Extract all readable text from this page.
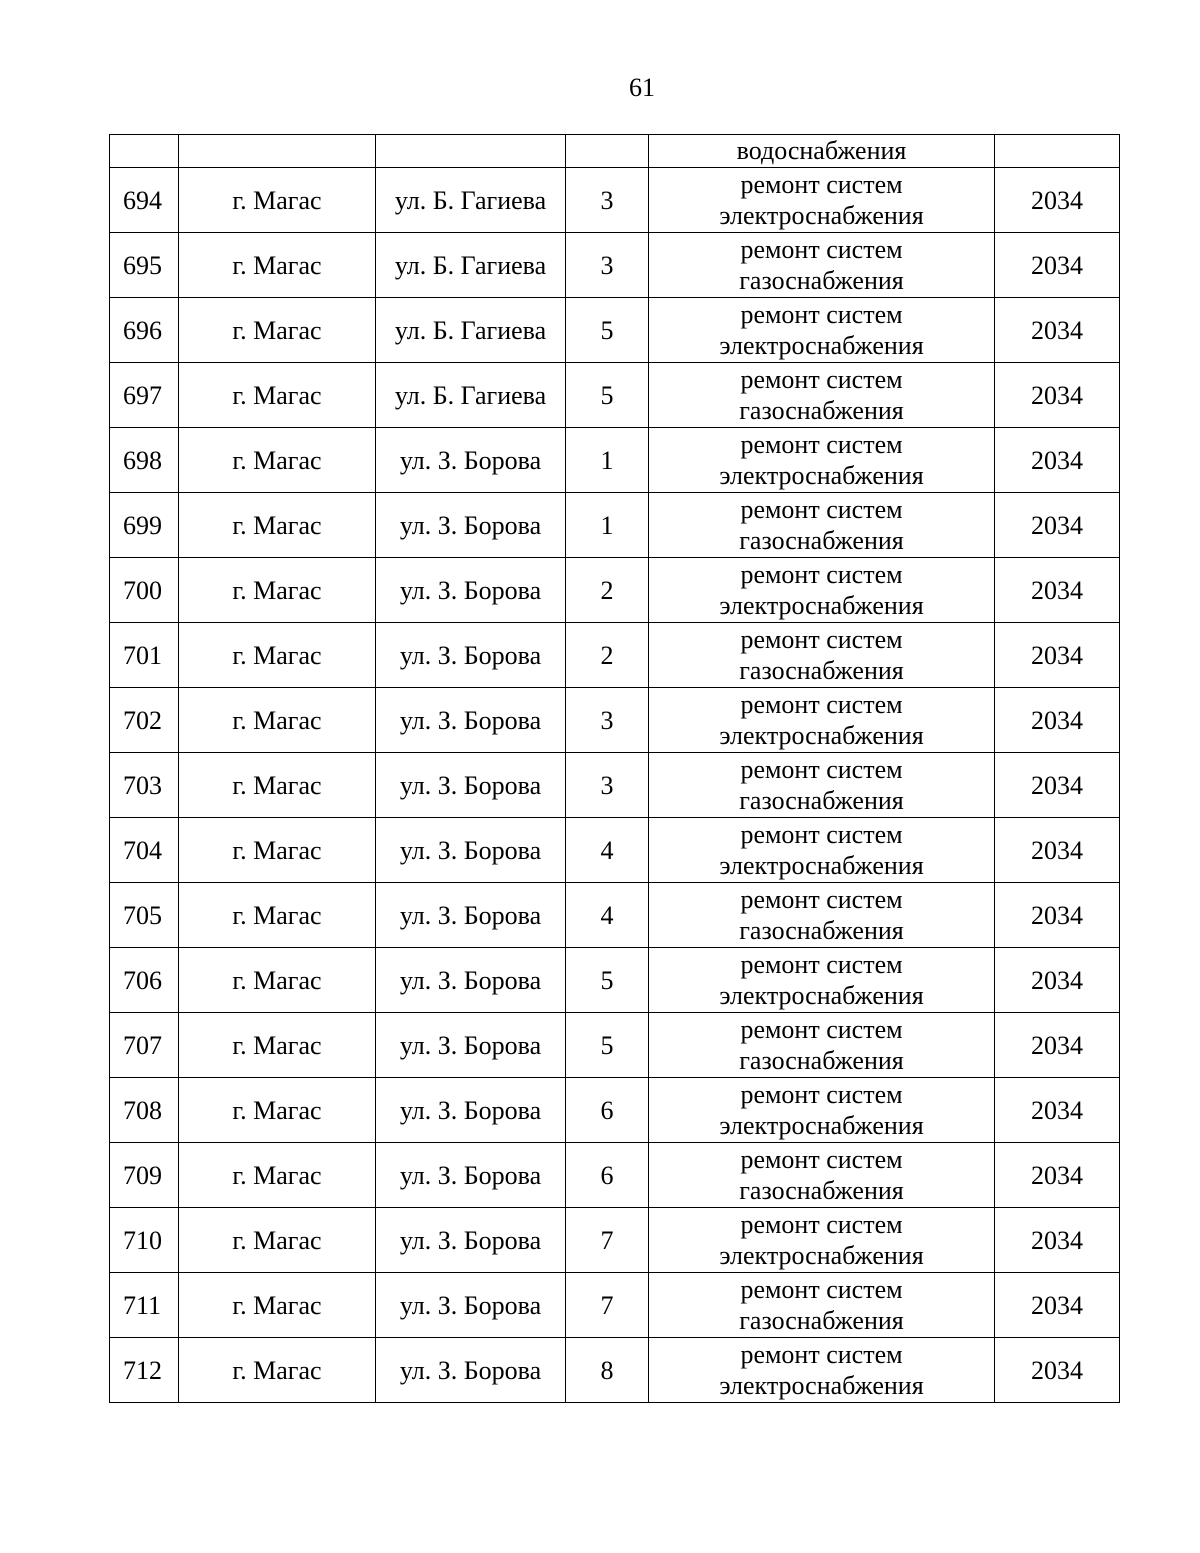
61
				водоснабжения	
694	г. Магас	ул. Б. Гагиева	3	ремонт систем
электроснабжения	2034
695	г. Магас	ул. Б. Гагиева	3	ремонт систем
газоснабжения	2034
696	г. Магас	ул. Б. Гагиева	5	ремонт систем
электроснабжения	2034
697	г. Магас	ул. Б. Гагиева	5	ремонт систем
газоснабжения	2034
698	г. Магас	ул. З. Борова	1	ремонт систем
электроснабжения	2034
699	г. Магас	ул. З. Борова	1	ремонт систем
газоснабжения	2034
700	г. Магас	ул. З. Борова	2	ремонт систем
электроснабжения	2034
701	г. Магас	ул. З. Борова	2	ремонт систем
газоснабжения	2034
702	г. Магас	ул. З. Борова	3	ремонт систем
электроснабжения	2034
703	г. Магас	ул. З. Борова	3	ремонт систем
газоснабжения	2034
704	г. Магас	ул. З. Борова	4	ремонт систем
электроснабжения	2034
705	г. Магас	ул. З. Борова	4	ремонт систем
газоснабжения	2034
706	г. Магас	ул. З. Борова	5	ремонт систем
электроснабжения	2034
707	г. Магас	ул. З. Борова	5	ремонт систем
газоснабжения	2034
708	г. Магас	ул. З. Борова	6	ремонт систем
электроснабжения	2034
709	г. Магас	ул. З. Борова	6	ремонт систем
газоснабжения	2034
710	г. Магас	ул. З. Борова	7	ремонт систем
электроснабжения	2034
711	г. Магас	ул. З. Борова	7	ремонт систем
газоснабжения	2034
712	г. Магас	ул. З. Борова	8	ремонт систем
электроснабжения	2034
